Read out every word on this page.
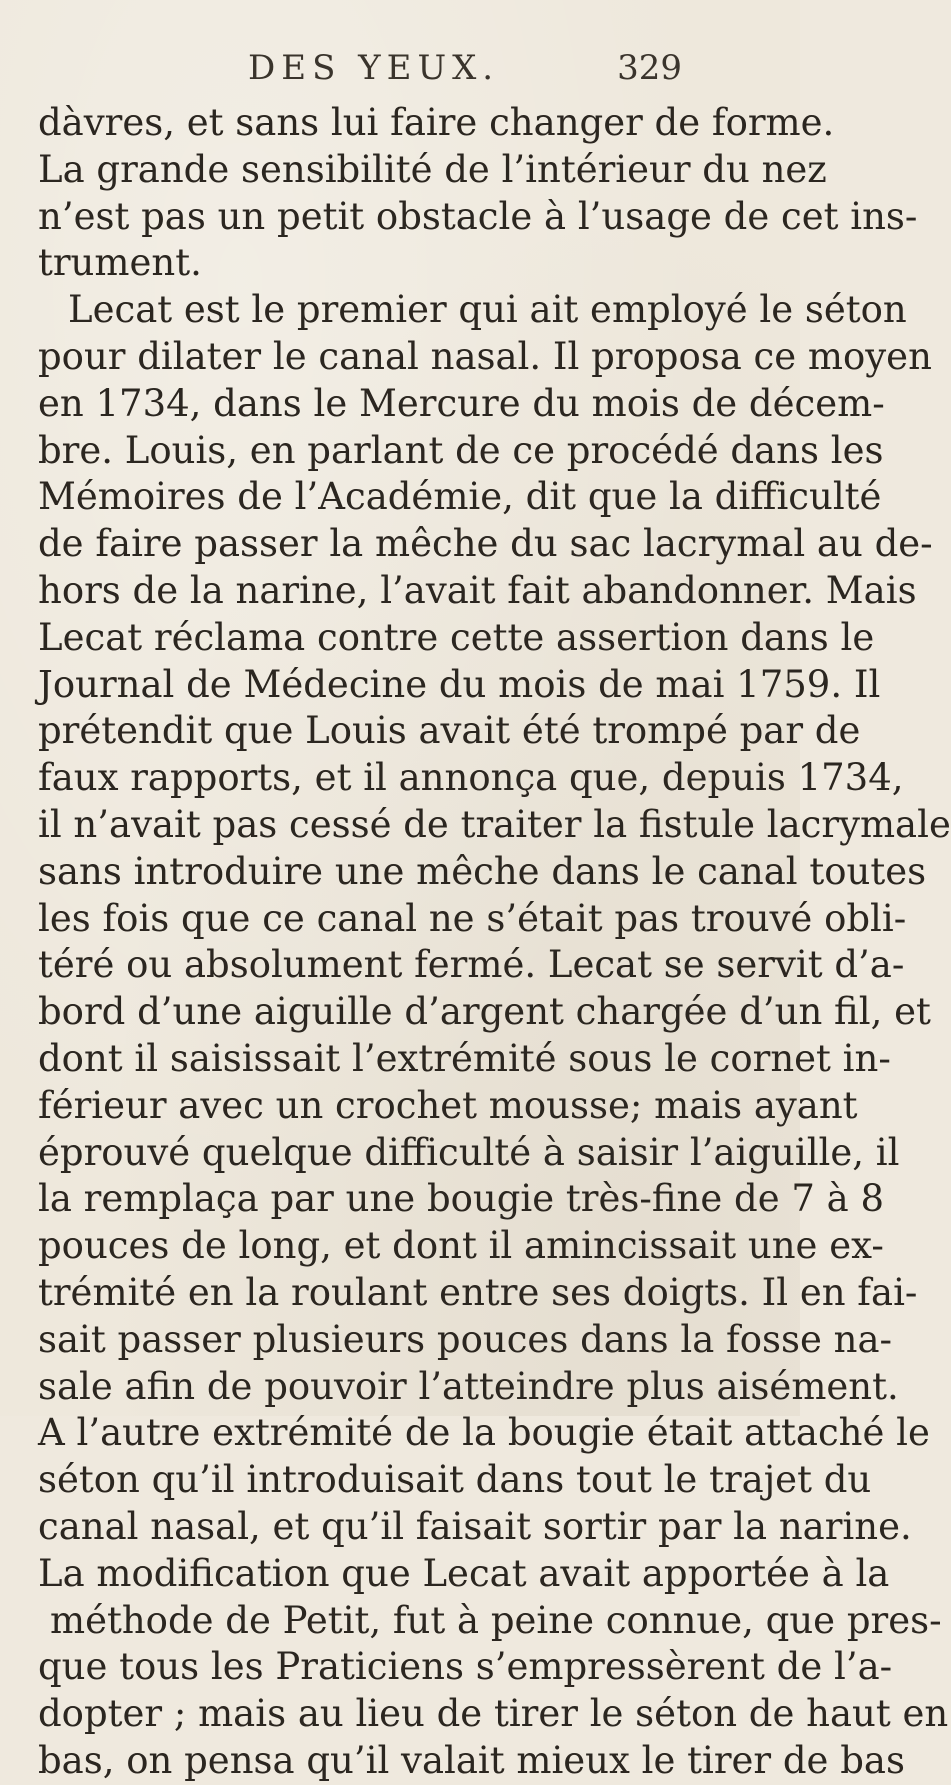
DES YEUX.	329
dàvres, et sans lui faire changer de forme.
La grande sensibilité de l’intérieur du nez
n’est pas un petit obstacle à l’usage de cet ins-
trument.
Lecat est le premier qui ait employé le séton
pour dilater le canal nasal. Il proposa ce moyen
en 1734, dans le Mercure du mois de décem-
bre. Louis, en parlant de ce procédé dans les
Mémoires de l’Académie, dit que la difficulté
de faire passer la mêche du sac lacrymal au de-
hors de la narine, l’avait fait abandonner. Mais
Lecat réclama contre cette assertion dans le
Journal de Médecine du mois de mai 1759. Il
prétendit que Louis avait été trompé par de
faux rapports, et il annonça que, depuis 1734,
il n’avait pas cessé de traiter la fistule lacrymale
sans introduire une mêche dans le canal toutes
les fois que ce canal ne s’était pas trouvé obli-
téré ou absolument fermé. Lecat se servit d’a-
bord d’une aiguille d’argent chargée d’un fil, et
dont il saisissait l’extrémité sous le cornet in-
férieur avec un crochet mousse; mais ayant
éprouvé quelque difficulté à saisir l’aiguille, il
la remplaça par une bougie très-fine de 7 à 8
pouces de long, et dont il amincissait une ex-
trémité en la roulant entre ses doigts. Il en fai-
sait passer plusieurs pouces dans la fosse na-
sale afin de pouvoir l’atteindre plus aisément.
A l’autre extrémité de la bougie était attaché le
séton qu’il introduisait dans tout le trajet du
canal nasal, et qu’il faisait sortir par la narine.
La modification que Lecat avait apportée à la
méthode de Petit, fut à peine connue, que pres-
que tous les Praticiens s’empressèrent de l’a-
dopter ; mais au lieu de tirer le séton de haut en
bas, on pensa qu’il valait mieux le tirer de bas
